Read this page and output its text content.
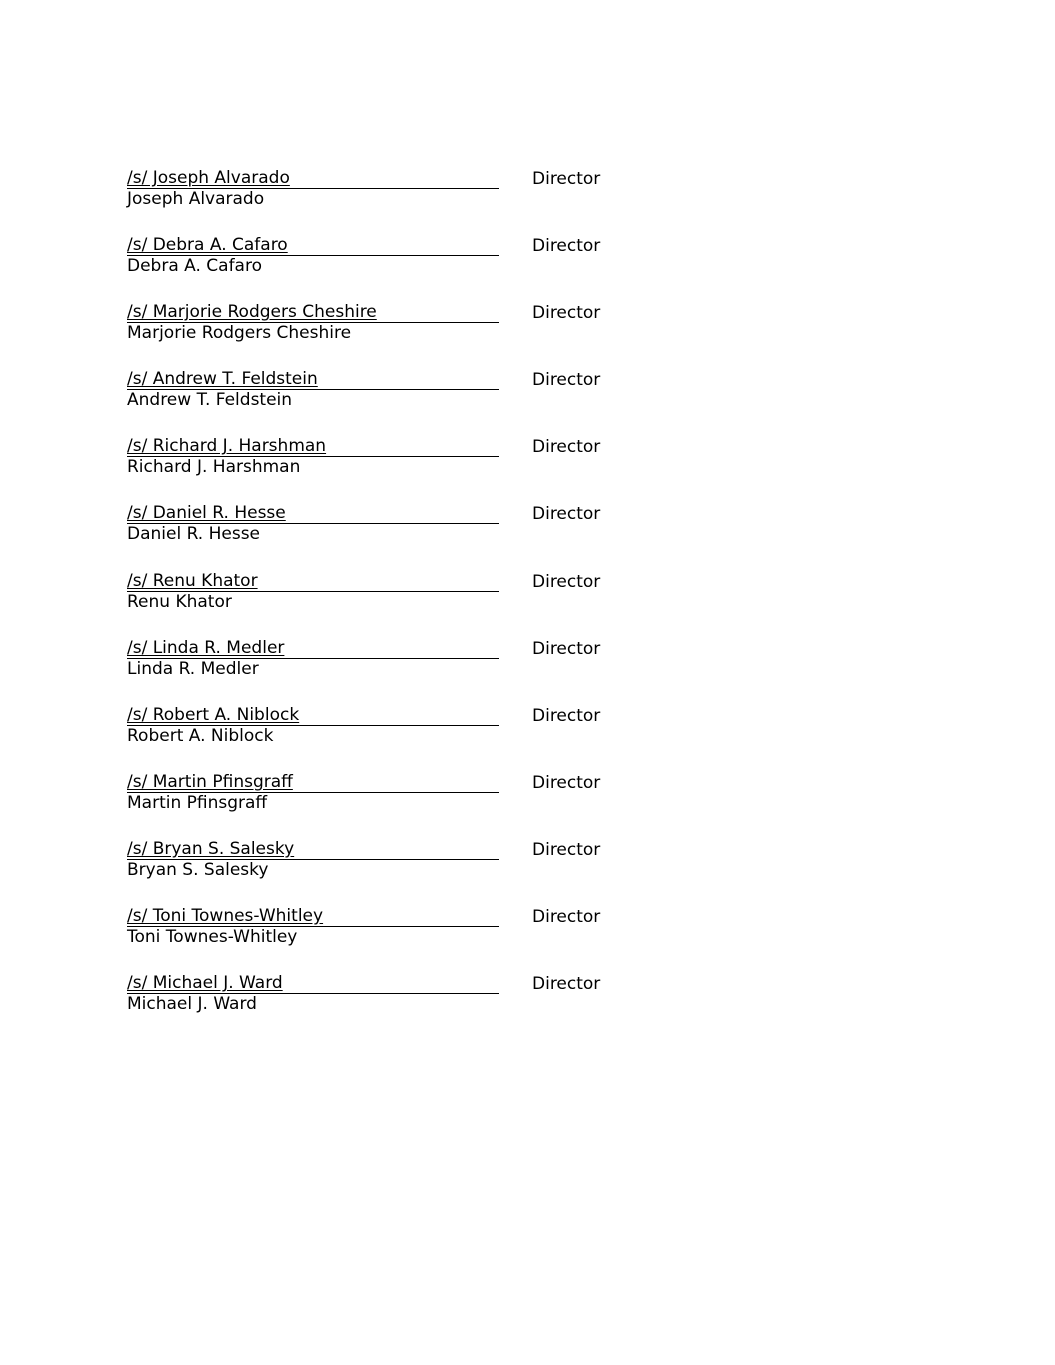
/s/ Joseph Alvarado	Director
Joseph Alvarado
/s/ Debra A. Cafaro	Director
Debra A. Cafaro
/s/ Marjorie Rodgers Cheshire	Director
Marjorie Rodgers Cheshire
/s/ Andrew T. Feldstein	Director
Andrew T. Feldstein
/s/ Richard J. Harshman	Director
Richard J. Harshman
/s/ Daniel R. Hesse	Director
Daniel R. Hesse
/s/ Renu Khator	Director
Renu Khator
/s/ Linda R. Medler	Director
Linda R. Medler
/s/ Robert A. Niblock	Director
Robert A. Niblock
/s/ Martin Pfinsgraff	Director
Martin Pfinsgraff
/s/ Bryan S. Salesky	Director
Bryan S. Salesky
/s/ Toni Townes-Whitley	Director
Toni Townes-Whitley
/s/ Michael J. Ward	Director
Michael J. Ward
